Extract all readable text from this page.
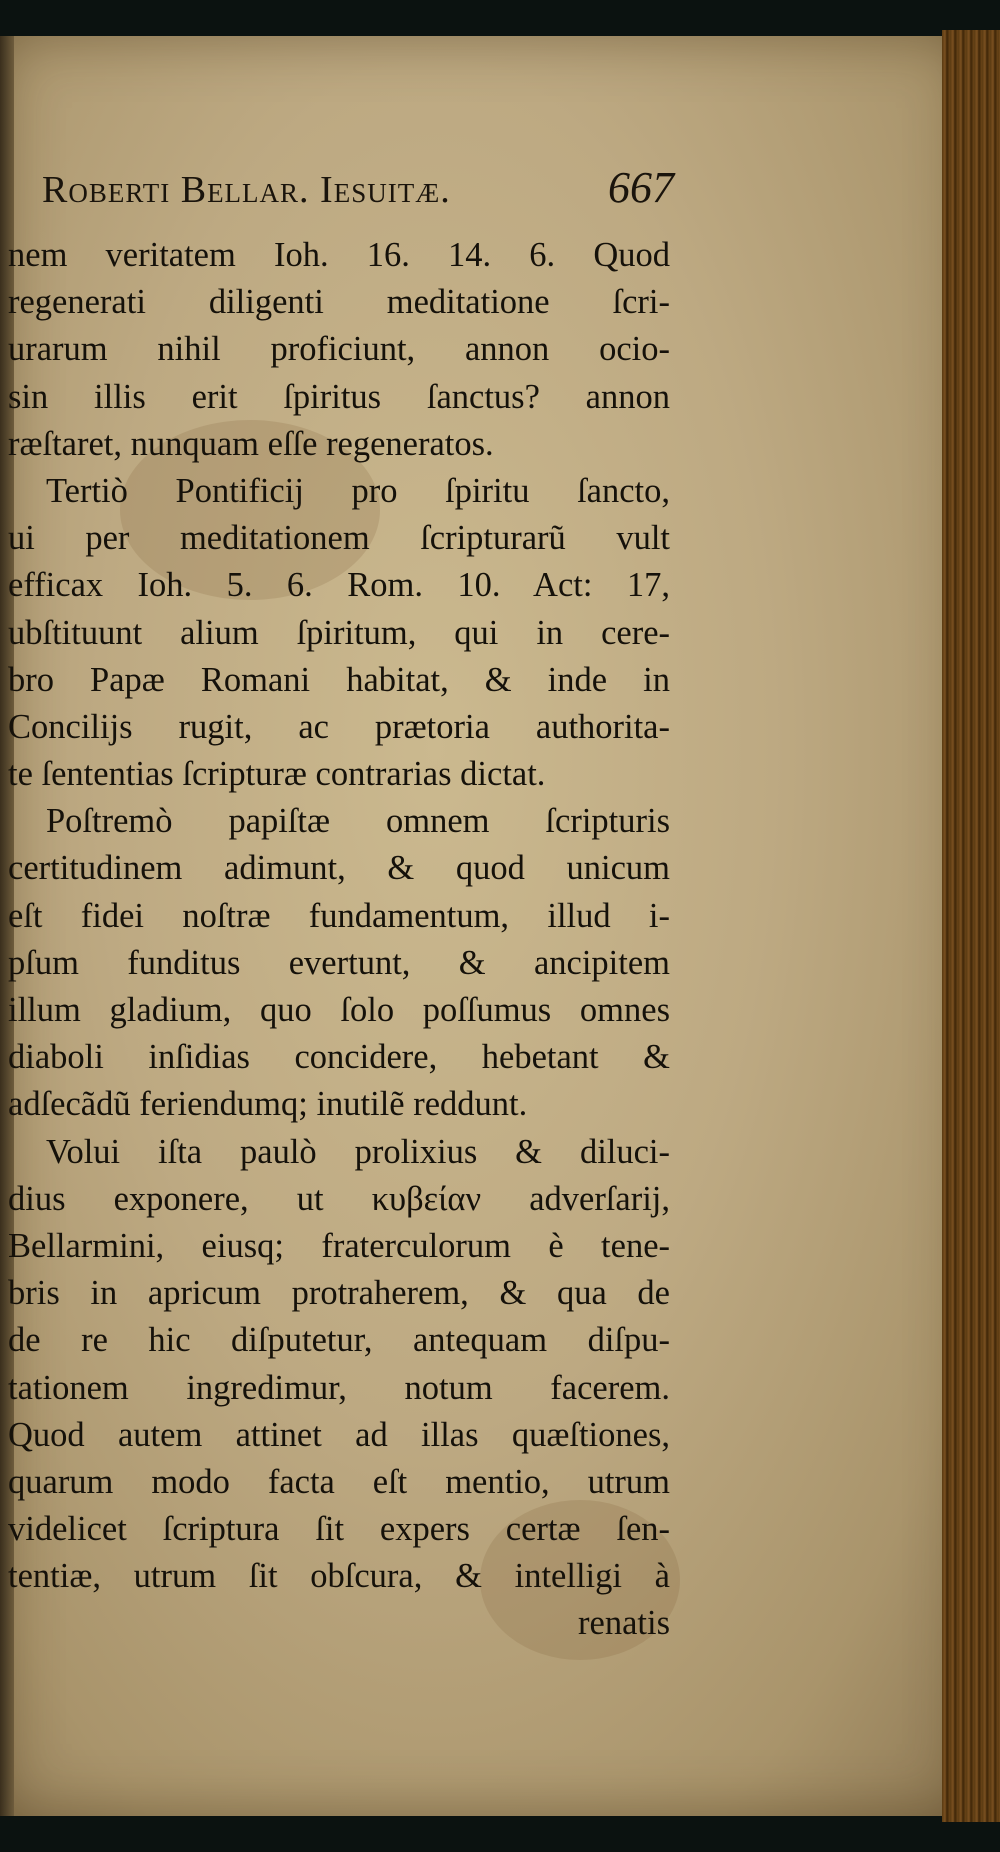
Roberti Bellar. Iesuitæ.	667
nem veritatem Ioh. 16. 14. 6. Quod
regenerati diligenti meditatione ſcri-
urarum nihil proficiunt, annon ocio-
sin illis erit ſpiritus ſanctus? annon
ræſtaret, nunquam eſſe regeneratos.
Tertiò Pontificij pro ſpiritu ſancto,
ui per meditationem ſcripturarũ vult
efficax Ioh. 5. 6. Rom. 10. Act: 17,
ubſtituunt alium ſpiritum, qui in cere-
bro Papæ Romani habitat, & inde in
Concilijs rugit, ac prætoria authorita-
te ſententias ſcripturæ contrarias dictat.
Poſtremò papiſtæ omnem ſcripturis
certitudinem adimunt, & quod unicum
eſt fidei noſtræ fundamentum, illud i-
pſum funditus evertunt, & ancipitem
illum gladium, quo ſolo poſſumus omnes
diaboli inſidias concidere, hebetant &
adſecãdũ feriendumq; inutilẽ reddunt.
Volui iſta paulò prolixius & diluci-
dius exponere, ut κυβείαν adverſarij,
Bellarmini, eiusq; fraterculorum è tene-
bris in apricum protraherem, & qua de
de re hic diſputetur, antequam diſpu-
tationem ingredimur, notum facerem.
Quod autem attinet ad illas quæſtiones,
quarum modo facta eſt mentio, utrum
videlicet ſcriptura ſit expers certæ ſen-
tentiæ, utrum ſit obſcura, & intelligi à
renatis
